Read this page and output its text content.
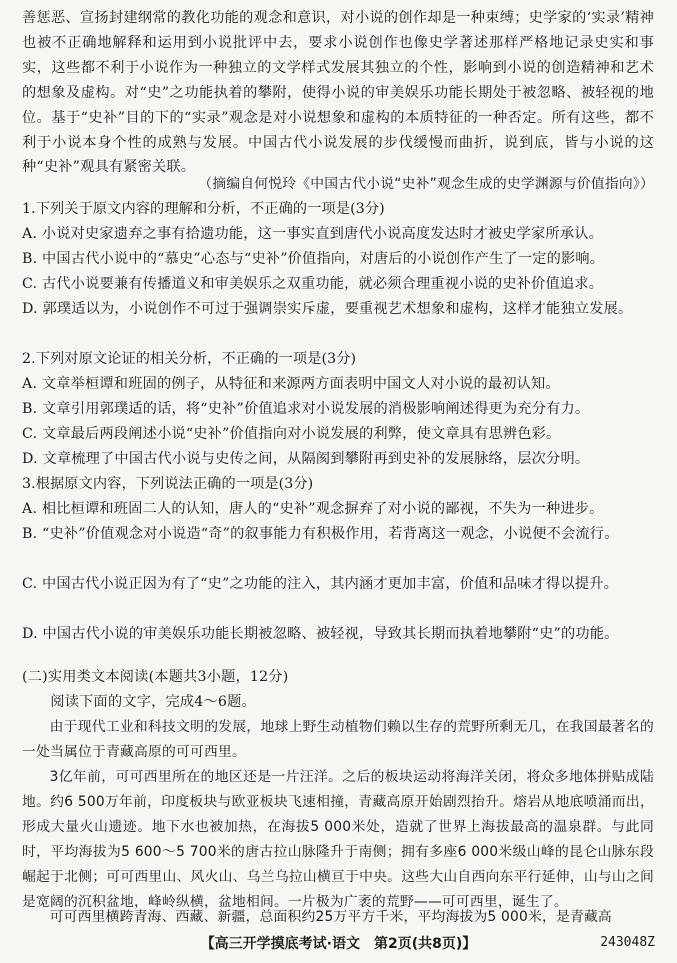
善惩恶、宣扬封建纲常的教化功能的观念和意识，对小说的创作却是一种束缚；史学家的‘实录’精神也被不正确地解释和运用到小说批评中去，要求小说创作也像史学著述那样严格地记录史实和事实，这些都不利于小说作为一种独立的文学样式发展其独立的个性，影响到小说的创造精神和艺术的想象及虚构。对“史”之功能执着的攀附，使得小说的审美娱乐功能长期处于被忽略、被轻视的地位。基于“史补”目的下的“实录”观念是对小说想象和虚构的本质特征的一种否定。所有这些，都不利于小说本身个性的成熟与发展。中国古代小说发展的步伐缓慢而曲折，说到底，皆与小说的这种“史补”观具有紧密关联。
（摘编自何悦玲《中国古代小说“史补”观念生成的史学渊源与价值指向》）
1.下列关于原文内容的理解和分析，不正确的一项是(3分)
A. 小说对史家遗弃之事有拾遗功能，这一事实直到唐代小说高度发达时才被史学家所承认。
B. 中国古代小说中的“慕史”心态与“史补”价值指向，对唐后的小说创作产生了一定的影响。
C. 古代小说要兼有传播道义和审美娱乐之双重功能，就必须合理重视小说的史补价值追求。
D. 郭璞适以为，小说创作不可过于强调崇实斥虚，要重视艺术想象和虚构，这样才能独立发展。
2.下列对原文论证的相关分析，不正确的一项是(3分)
A. 文章举桓谭和班固的例子，从特征和来源两方面表明中国文人对小说的最初认知。
B. 文章引用郭璞适的话，将“史补”价值追求对小说发展的消极影响阐述得更为充分有力。
C. 文章最后两段阐述小说“史补”价值指向对小说发展的利弊，使文章具有思辨色彩。
D. 文章梳理了中国古代小说与史传之间，从隔阂到攀附再到史补的发展脉络，层次分明。
3.根据原文内容，下列说法正确的一项是(3分)
A. 相比桓谭和班固二人的认知，唐人的“史补”观念摒弃了对小说的鄙视，不失为一种进步。
B. “史补”价值观念对小说造“奇”的叙事能力有积极作用，若背离这一观念，小说便不会流行。
C. 中国古代小说正因为有了“史”之功能的注入，其内涵才更加丰富，价值和品味才得以提升。
D. 中国古代小说的审美娱乐功能长期被忽略、被轻视，导致其长期而执着地攀附“史”的功能。
(二)实用类文本阅读(本题共3小题，12分)
阅读下面的文字，完成4～6题。
由于现代工业和科技文明的发展，地球上野生动植物们赖以生存的荒野所剩无几，在我国最著名的一处当属位于青藏高原的可可西里。
3亿年前，可可西里所在的地区还是一片汪洋。之后的板块运动将海洋关闭，将众多地体拼贴成陆地。约6 500万年前，印度板块与欧亚板块飞速相撞，青藏高原开始剧烈抬升。熔岩从地底喷涌而出，形成大量火山遗迹。地下水也被加热，在海拔5 000米处，造就了世界上海拔最高的温泉群。与此同时，平均海拔为5 600～5 700米的唐古拉山脉隆升于南侧；拥有多座6 000米级山峰的昆仑山脉东段崛起于北侧；可可西里山、风火山、乌兰乌拉山横亘于中央。这些大山自西向东平行延伸，山与山之间是宽阔的沉积盆地，峰岭纵横，盆地相间。一片极为广袤的荒野——可可西里，诞生了。
可可西里横跨青海、西藏、新疆，总面积约25万平方千米，平均海拔为5 000米，是青藏高
【高三开学摸底考试·语文　第2页(共8页)】	243048Z
